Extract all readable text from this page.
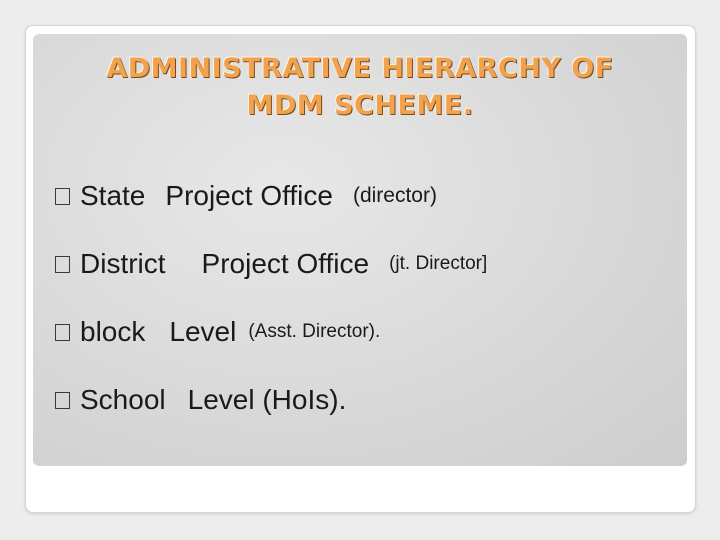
ADMINISTRATIVE HIERARCHY OF
MDM SCHEME.
State Project Office (director)
District Project Office (jt. Director]
block Level (Asst. Director).
School Level (HoIs).
